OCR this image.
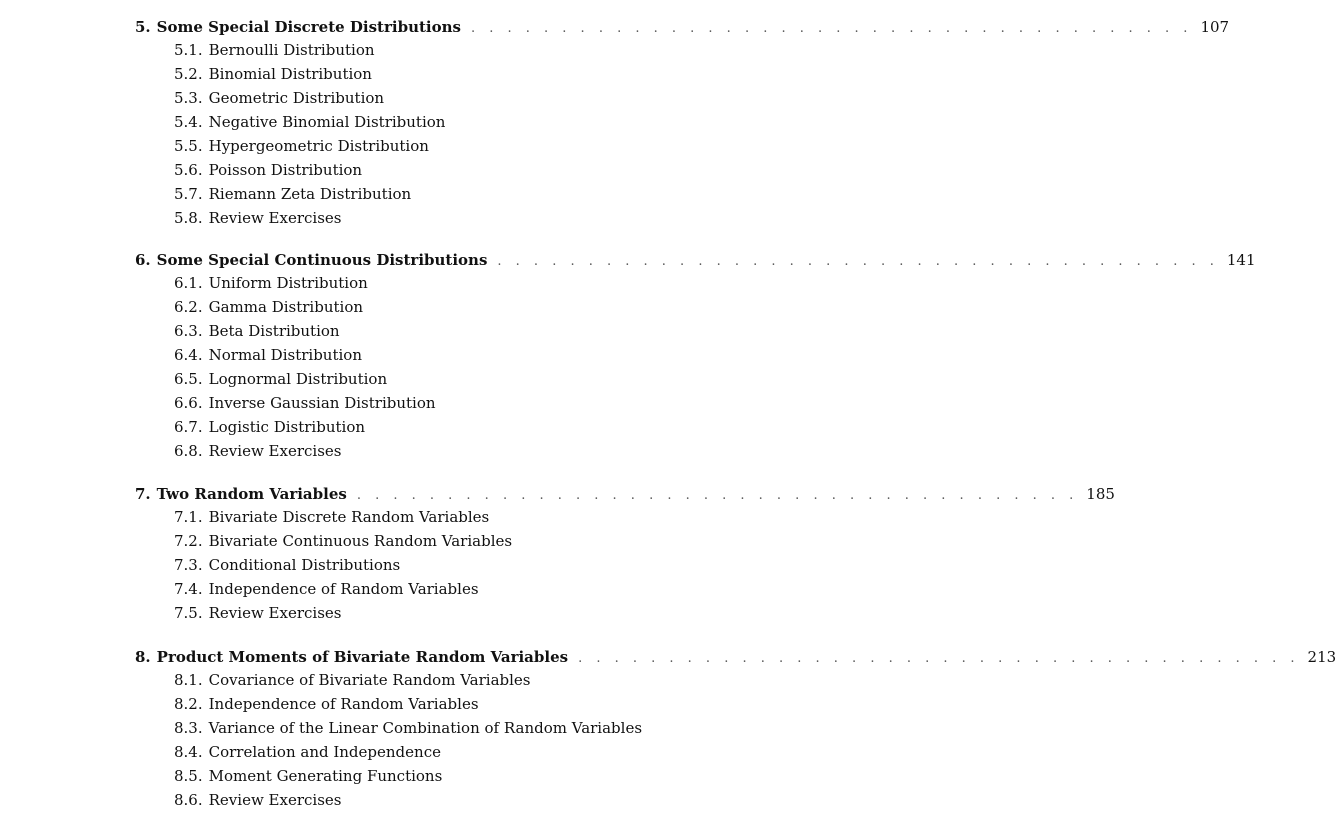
5. Some Special Discrete Distributions . . . . . . . . . . . . . . . . . . . . . . . . . . . . . . . . . . . . . . . . 107
5.1. Bernoulli Distribution
5.2. Binomial Distribution
5.3. Geometric Distribution
5.4. Negative Binomial Distribution
5.5. Hypergeometric Distribution
5.6. Poisson Distribution
5.7. Riemann Zeta Distribution
5.8. Review Exercises
6. Some Special Continuous Distributions . . . . . . . . . . . . . . . . . . . . . . . . . . . . . . . . . . . . . . . . 141
6.1. Uniform Distribution
6.2. Gamma Distribution
6.3. Beta Distribution
6.4. Normal Distribution
6.5. Lognormal Distribution
6.6. Inverse Gaussian Distribution
6.7. Logistic Distribution
6.8. Review Exercises
7. Two Random Variables . . . . . . . . . . . . . . . . . . . . . . . . . . . . . . . . . . . . . . . . 185
7.1. Bivariate Discrete Random Variables
7.2. Bivariate Continuous Random Variables
7.3. Conditional Distributions
7.4. Independence of Random Variables
7.5. Review Exercises
8. Product Moments of Bivariate Random Variables . . . . . . . . . . . . . . . . . . . . . . . . . . . . . . . . . . . . . . . . 213
8.1. Covariance of Bivariate Random Variables
8.2. Independence of Random Variables
8.3. Variance of the Linear Combination of Random Variables
8.4. Correlation and Independence
8.5. Moment Generating Functions
8.6. Review Exercises
